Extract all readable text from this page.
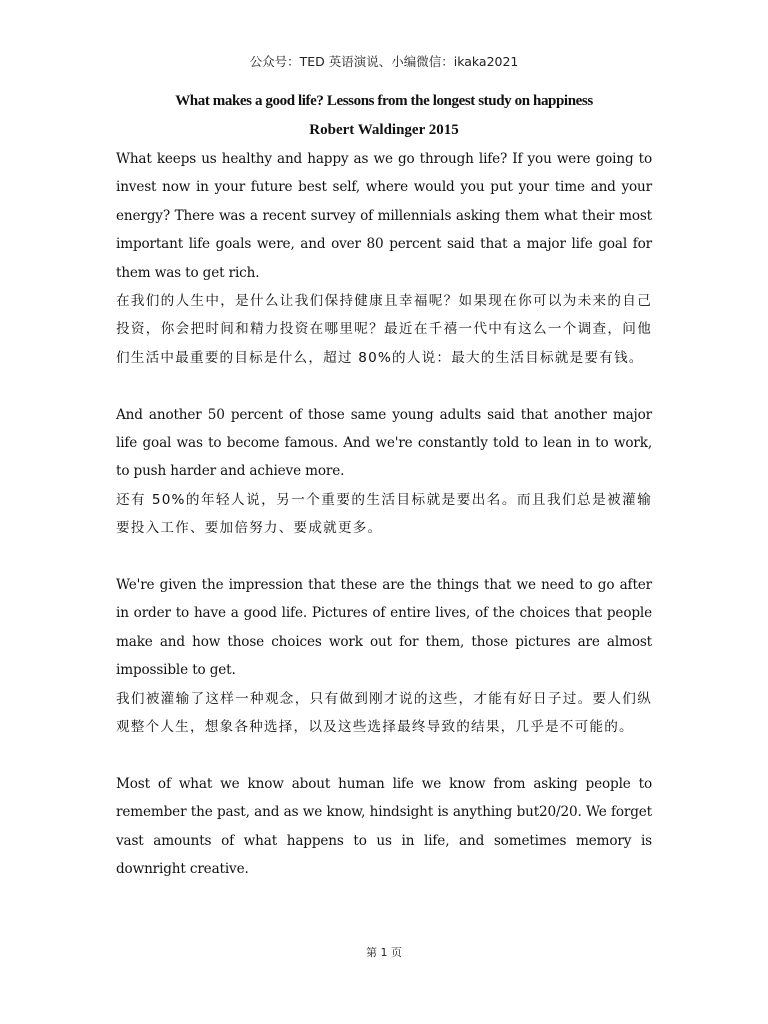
公众号：TED 英语演说、小编微信：ikaka2021
What makes a good life? Lessons from the longest study on happiness
Robert Waldinger 2015

What keeps us healthy and happy as we go through life? If you were going to invest now in your future best self, where would you put your time and your energy? There was a recent survey of millennials asking them what their most important life goals were, and over 80 percent said that a major life goal for them was to get rich.

在我们的人生中，是什么让我们保持健康且幸福呢？如果现在你可以为未来的自己投资，你会把时间和精力投资在哪里呢？最近在千禧一代中有这么一个调查，问他们生活中最重要的目标是什么，超过 80%的人说：最大的生活目标就是要有钱。

And another 50 percent of those same young adults said that another major life goal was to become famous. And we're constantly told to lean in to work, to push harder and achieve more.

还有 50%的年轻人说，另一个重要的生活目标就是要出名。而且我们总是被灌输要投入工作、要加倍努力、要成就更多。

We're given the impression that these are the things that we need to go after in order to have a good life. Pictures of entire lives, of the choices that people make and how those choices work out for them, those pictures are almost impossible to get.

我们被灌输了这样一种观念，只有做到刚才说的这些，才能有好日子过。要人们纵观整个人生，想象各种选择，以及这些选择最终导致的结果，几乎是不可能的。

Most of what we know about human life we know from asking people to remember the past, and as we know, hindsight is anything but20/20. We forget vast amounts of what happens to us in life, and sometimes memory is downright creative.

第 1 页
